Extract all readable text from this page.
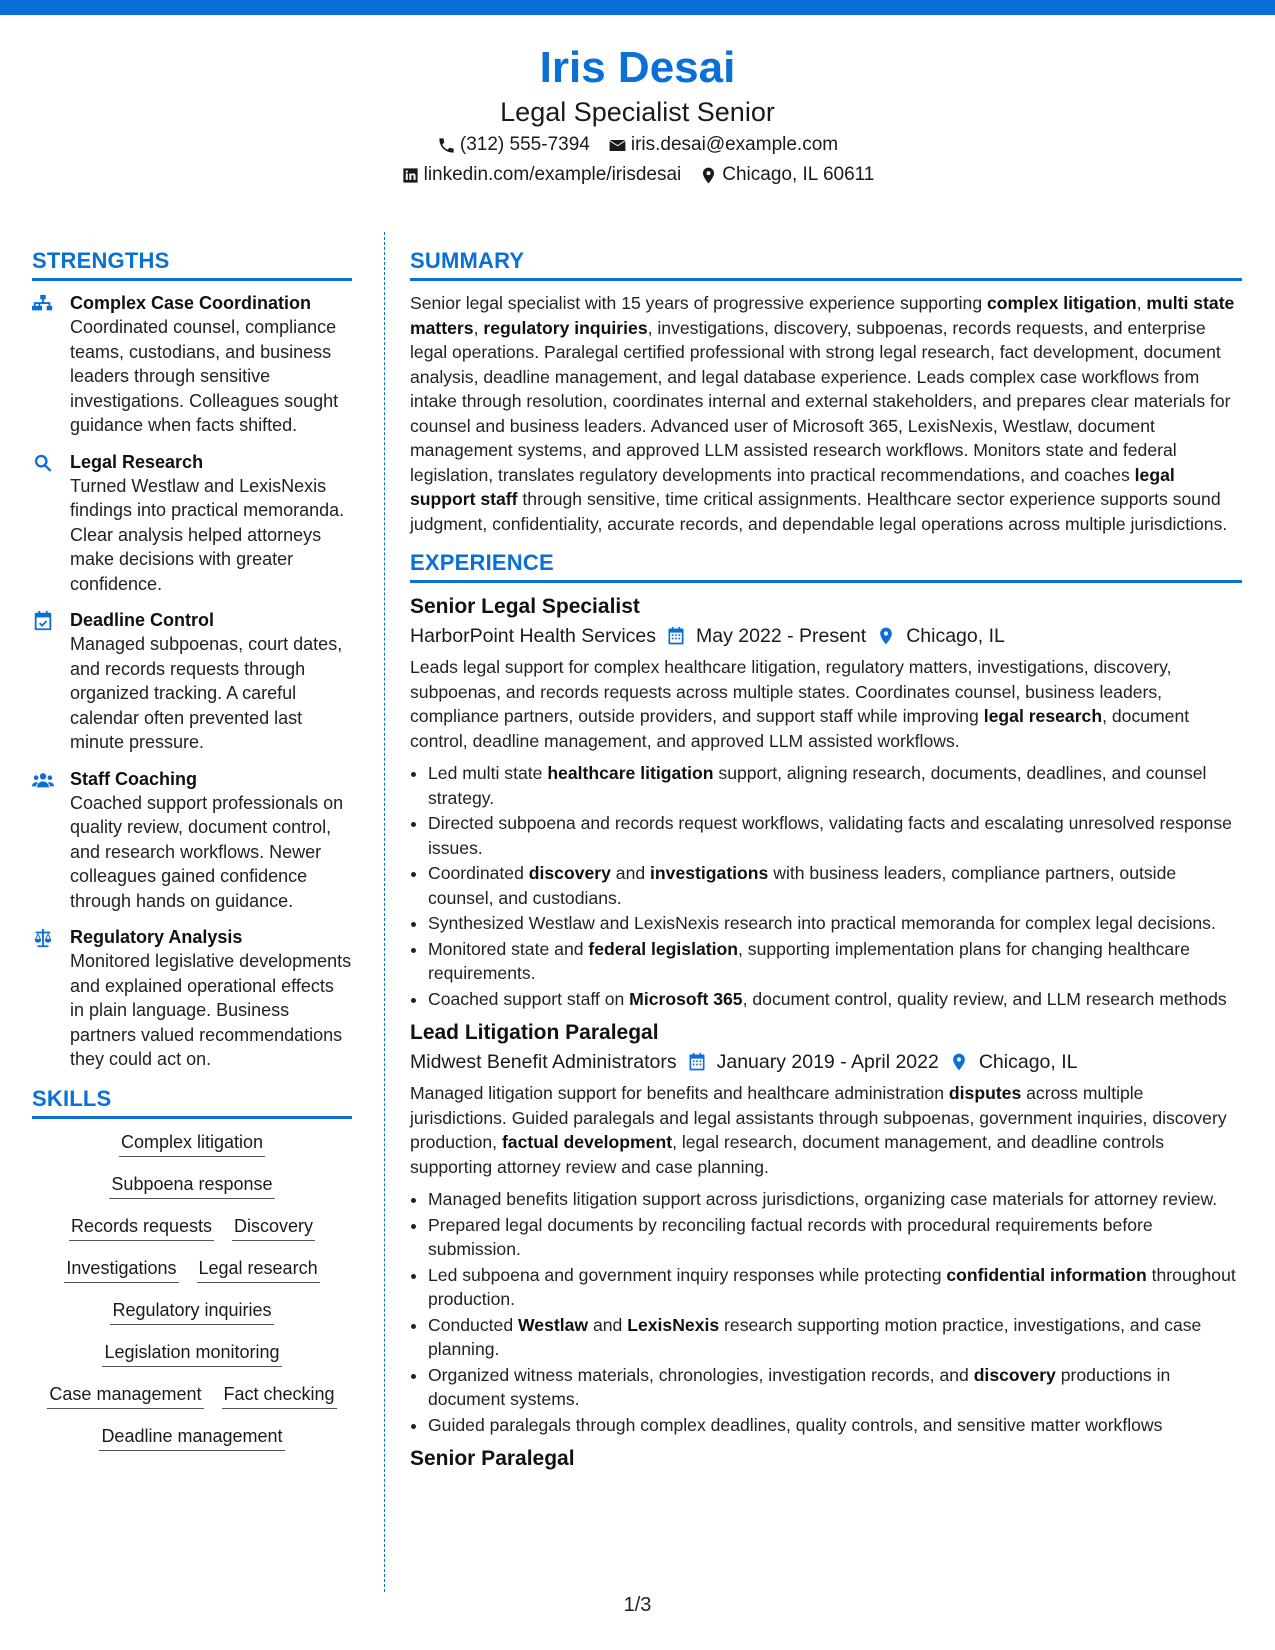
Iris Desai
Legal Specialist Senior
(312) 555-7394 iris.desai@example.com
linkedin.com/example/irisdesai Chicago, IL 60611
STRENGTHS
Complex Case Coordination
Coordinated counsel, compliance teams, custodians, and business leaders through sensitive investigations. Colleagues sought guidance when facts shifted.
Legal Research
Turned Westlaw and LexisNexis findings into practical memoranda. Clear analysis helped attorneys make decisions with greater confidence.
Deadline Control
Managed subpoenas, court dates, and records requests through organized tracking. A careful calendar often prevented last minute pressure.
Staff Coaching
Coached support professionals on quality review, document control, and research workflows. Newer colleagues gained confidence through hands on guidance.
Regulatory Analysis
Monitored legislative developments and explained operational effects in plain language. Business partners valued recommendations they could act on.
SKILLS
Complex litigation
Subpoena response
Records requests Discovery
Investigations Legal research
Regulatory inquiries
Legislation monitoring
Case management Fact checking
Deadline management
SUMMARY

Senior legal specialist with 15 years of progressive experience supporting complex litigation, multi state matters, regulatory inquiries, investigations, discovery, subpoenas, records requests, and enterprise legal operations. Paralegal certified professional with strong legal research, fact development, document analysis, deadline management, and legal database experience. Leads complex case workflows from intake through resolution, coordinates internal and external stakeholders, and prepares clear materials for counsel and business leaders. Advanced user of Microsoft 365, LexisNexis, Westlaw, document management systems, and approved LLM assisted research workflows. Monitors state and federal legislation, translates regulatory developments into practical recommendations, and coaches legal support staff through sensitive, time critical assignments. Healthcare sector experience supports sound judgment, confidentiality, accurate records, and dependable legal operations across multiple jurisdictions.

EXPERIENCE
Senior Legal Specialist
HarborPoint Health Services May 2022 - Present Chicago, IL

Leads legal support for complex healthcare litigation, regulatory matters, investigations, discovery, subpoenas, and records requests across multiple states. Coordinates counsel, business leaders, compliance partners, outside providers, and support staff while improving legal research, document control, deadline management, and approved LLM assisted workflows.

• Led multi state healthcare litigation support, aligning research, documents, deadlines, and counsel strategy.
• Directed subpoena and records request workflows, validating facts and escalating unresolved response issues.
• Coordinated discovery and investigations with business leaders, compliance partners, outside counsel, and custodians.
• Synthesized Westlaw and LexisNexis research into practical memoranda for complex legal decisions.
• Monitored state and federal legislation, supporting implementation plans for changing healthcare requirements.
• Coached support staff on Microsoft 365, document control, quality review, and LLM research methods
Lead Litigation Paralegal
Midwest Benefit Administrators January 2019 - April 2022 Chicago, IL

Managed litigation support for benefits and healthcare administration disputes across multiple jurisdictions. Guided paralegals and legal assistants through subpoenas, government inquiries, discovery production, factual development, legal research, document management, and deadline controls supporting attorney review and case planning.

• Managed benefits litigation support across jurisdictions, organizing case materials for attorney review.
• Prepared legal documents by reconciling factual records with procedural requirements before submission.
• Led subpoena and government inquiry responses while protecting confidential information throughout production.
• Conducted Westlaw and LexisNexis research supporting motion practice, investigations, and case planning.
• Organized witness materials, chronologies, investigation records, and discovery productions in document systems.
• Guided paralegals through complex deadlines, quality controls, and sensitive matter workflows
Senior Paralegal
1/3
